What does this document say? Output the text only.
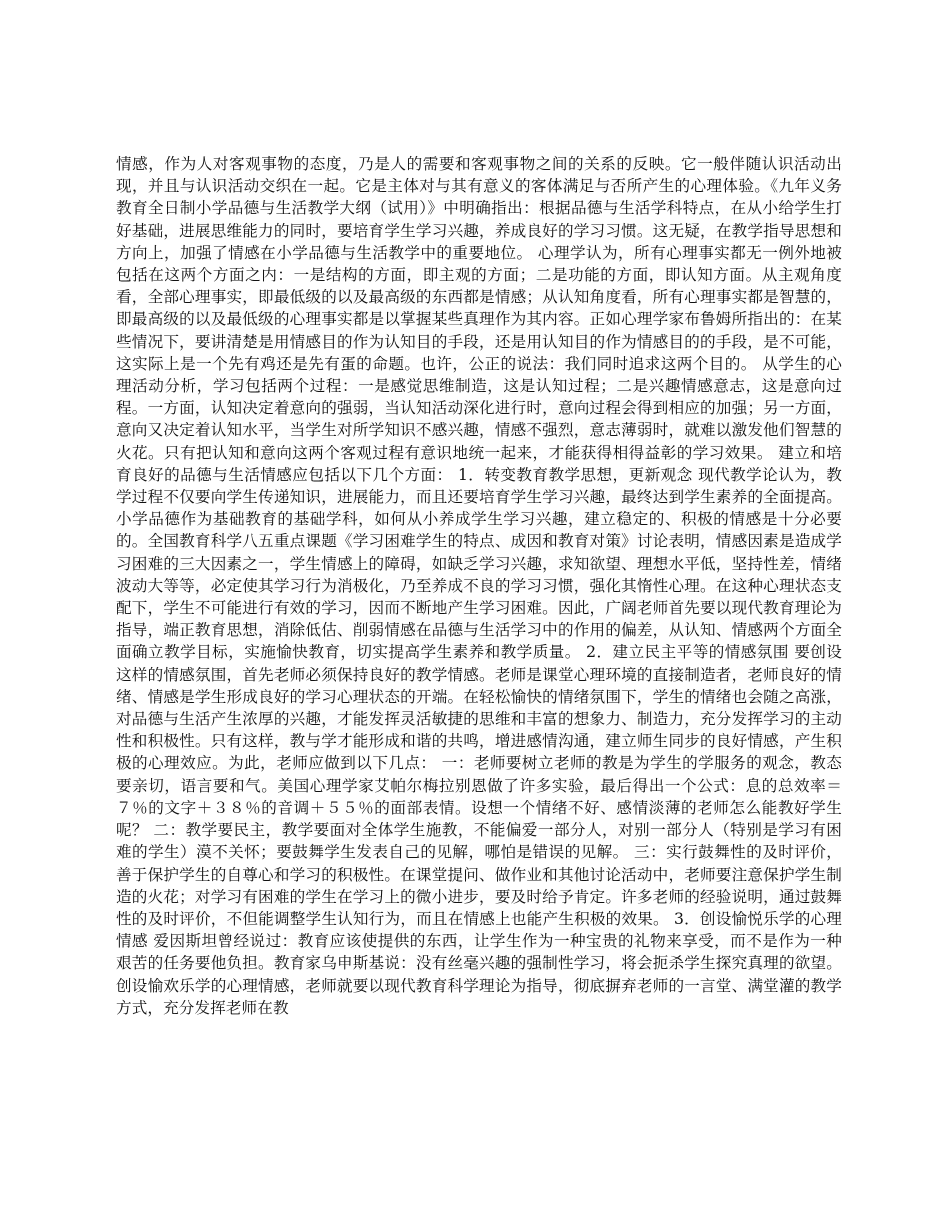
情感，作为人对客观事物的态度，乃是人的需要和客观事物之间的关系的反映。它一般伴随认识活动出现，并且与认识活动交织在一起。它是主体对与其有意义的客体满足与否所产生的心理体验。《九年义务教育全日制小学品德与生活教学大纲（试用）》中明确指出：根据品德与生活学科特点，在从小给学生打好基础，进展思维能力的同时，要培育学生学习兴趣，养成良好的学习习惯。这无疑，在教学指导思想和方向上，加强了情感在小学品德与生活教学中的重要地位。 心理学认为，所有心理事实都无一例外地被包括在这两个方面之内：一是结构的方面，即主观的方面；二是功能的方面，即认知方面。从主观角度看，全部心理事实，即最低级的以及最高级的东西都是情感；从认知角度看，所有心理事实都是智慧的，即最高级的以及最低级的心理事实都是以掌握某些真理作为其内容。正如心理学家布鲁姆所指出的：在某些情况下，要讲清楚是用情感目的作为认知目的手段，还是用认知目的作为情感目的的手段，是不可能，这实际上是一个先有鸡还是先有蛋的命题。也许，公正的说法：我们同时追求这两个目的。 从学生的心理活动分析，学习包括两个过程：一是感觉思维制造，这是认知过程；二是兴趣情感意志，这是意向过程。一方面，认知决定着意向的强弱，当认知活动深化进行时，意向过程会得到相应的加强；另一方面，意向又决定着认知水平，当学生对所学知识不感兴趣，情感不强烈，意志薄弱时，就难以激发他们智慧的火花。只有把认知和意向这两个客观过程有意识地统一起来，才能获得相得益彰的学习效果。 建立和培育良好的品德与生活情感应包括以下几个方面： 1．转变教育教学思想，更新观念 现代教学论认为，教学过程不仅要向学生传递知识，进展能力，而且还要培育学生学习兴趣，最终达到学生素养的全面提高。小学品德作为基础教育的基础学科，如何从小养成学生学习兴趣，建立稳定的、积极的情感是十分必要的。全国教育科学八五重点课题《学习困难学生的特点、成因和教育对策》讨论表明，情感因素是造成学习困难的三大因素之一，学生情感上的障碍，如缺乏学习兴趣，求知欲望、理想水平低，坚持性差，情绪波动大等等，必定使其学习行为消极化，乃至养成不良的学习习惯，强化其惰性心理。在这种心理状态支配下，学生不可能进行有效的学习，因而不断地产生学习困难。因此，广阔老师首先要以现代教育理论为指导，端正教育思想，消除低估、削弱情感在品德与生活学习中的作用的偏差，从认知、情感两个方面全面确立教学目标，实施愉快教育，切实提高学生素养和教学质量。 2．建立民主平等的情感氛围 要创设这样的情感氛围，首先老师必须保持良好的教学情感。老师是课堂心理环境的直接制造者，老师良好的情绪、情感是学生形成良好的学习心理状态的开端。在轻松愉快的情绪氛围下，学生的情绪也会随之高涨，对品德与生活产生浓厚的兴趣，才能发挥灵活敏捷的思维和丰富的想象力、制造力，充分发挥学习的主动性和积极性。只有这样，教与学才能形成和谐的共鸣，增进感情沟通，建立师生同步的良好情感，产生积极的心理效应。为此，老师应做到以下几点： 一：老师要树立老师的教是为学生的学服务的观念，教态要亲切，语言要和气。美国心理学家艾帕尔梅拉别恩做了许多实验，最后得出一个公式：息的总效率＝７％的文字＋３８％的音调＋５５％的面部表情。设想一个情绪不好、感情淡薄的老师怎么能教好学生呢？ 二：教学要民主，教学要面对全体学生施教，不能偏爱一部分人，对别一部分人（特别是学习有困难的学生）漠不关怀；要鼓舞学生发表自己的见解，哪怕是错误的见解。 三：实行鼓舞性的及时评价，善于保护学生的自尊心和学习的积极性。在课堂提问、做作业和其他讨论活动中，老师要注意保护学生制造的火花；对学习有困难的学生在学习上的微小进步，要及时给予肯定。许多老师的经验说明，通过鼓舞性的及时评价，不但能调整学生认知行为，而且在情感上也能产生积极的效果。 3．创设愉悦乐学的心理情感 爱因斯坦曾经说过：教育应该使提供的东西，让学生作为一种宝贵的礼物来享受，而不是作为一种艰苦的任务要他负担。教育家乌申斯基说：没有丝毫兴趣的强制性学习，将会扼杀学生探究真理的欲望。创设愉欢乐学的心理情感，老师就要以现代教育科学理论为指导，彻底摒弃老师的一言堂、满堂灌的教学方式，充分发挥老师在教
